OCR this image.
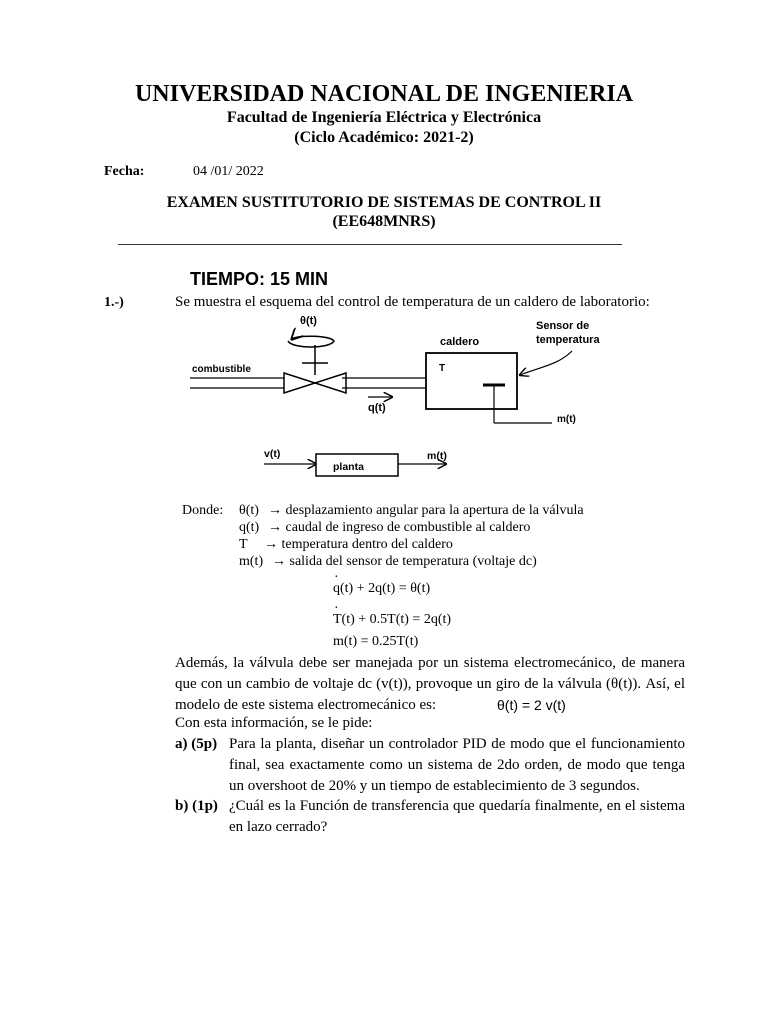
UNIVERSIDAD NACIONAL DE INGENIERIA
Facultad de Ingeniería Eléctrica y Electrónica
(Ciclo Académico: 2021-2)
Fecha:	04 /01/ 2022
EXAMEN SUSTITUTORIO DE SISTEMAS DE CONTROL II
(EE648MNRS)
_______________________________________________________________
TIEMPO: 15 MIN
1.-)	Se muestra el esquema del control de temperatura de un caldero de laboratorio:
θ(t)
combustible
q(t)
caldero
T
m(t)
Sensor de
temperatura
v(t)
planta
m(t)
Donde: θ(t) → desplazamiento angular para la apertura de la válvula
q(t) → caudal de ingreso de combustible al caldero
T → temperatura dentro del caldero
m(t) → salida del sensor de temperatura (voltaje dc)
·
q(t) + 2q(t) = θ(t)
·
T(t) + 0.5T(t) = 2q(t)
m(t) = 0.25T(t)
Además, la válvula debe ser manejada por un sistema electromecánico, de manera que con un cambio de voltaje dc (v(t)), provoque un giro de la válvula (θ(t)). Así, el modelo de este sistema electromecánico es:	θ(t) = 2 v(t)
Con esta información, se le pide:
a) (5p) Para la planta, diseñar un controlador PID de modo que el funcionamiento final, sea exactamente como un sistema de 2do orden, de modo que tenga un overshoot de 20% y un tiempo de establecimiento de 3 segundos.
b) (1p) ¿Cuál es la Función de transferencia que quedaría finalmente, en el sistema en lazo cerrado?
